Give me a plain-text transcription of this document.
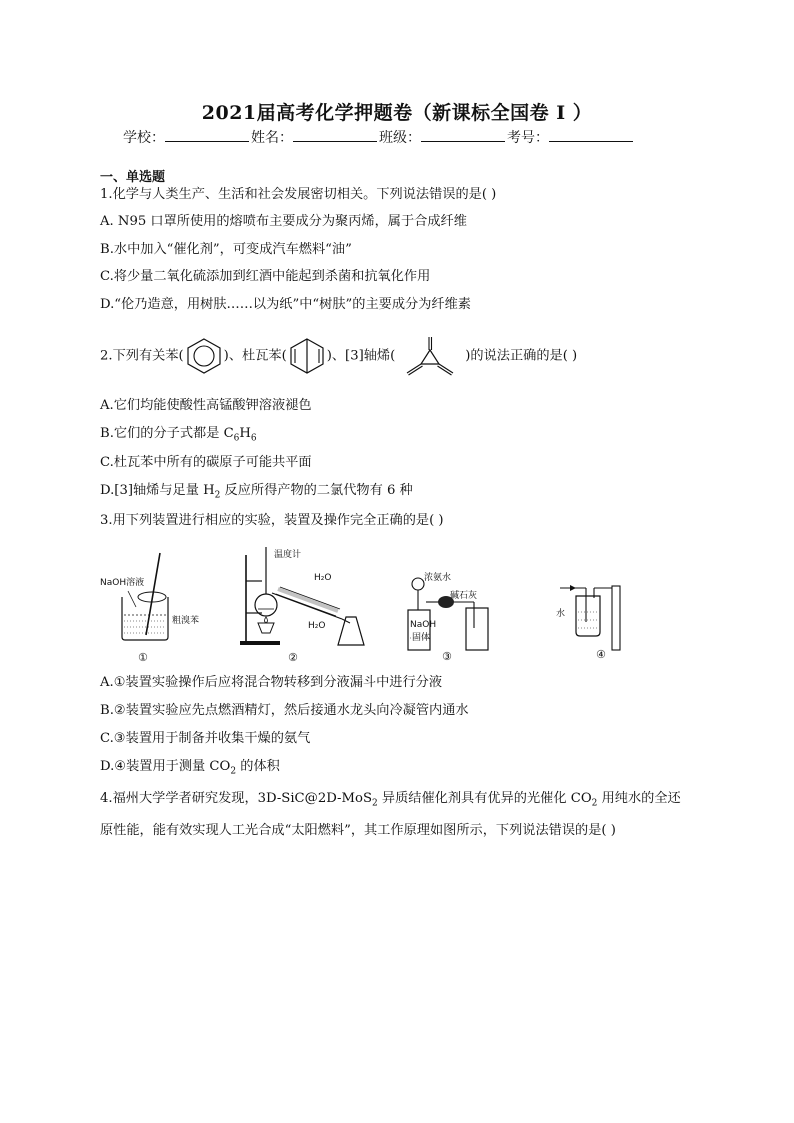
2021届高考化学押题卷（新课标全国卷 I ）
学校：	姓名：	班级：	考号：
一、单选题
1.化学与人类生产、生活和社会发展密切相关。下列说法错误的是( )
A. N95 口罩所使用的熔喷布主要成分为聚丙烯，属于合成纤维
B.水中加入“催化剂”，可变成汽车燃料“油”
C.将少量二氧化硫添加到红酒中能起到杀菌和抗氧化作用
D.“伦乃造意，用树肤……以为纸”中“树肤”的主要成分为纤维素
2.下列有关苯(	)、杜瓦苯(	)、[3]轴烯(	)的说法正确的是( )
A.它们均能使酸性高锰酸钾溶液褪色
B.它们的分子式都是 $C_6H_6$
C.杜瓦苯中所有的碳原子可能共平面
D.[3]轴烯与足量 $H_2$ 反应所得产物的二氯代物有 6 种
3.用下列装置进行相应的实验，装置及操作完全正确的是( )
NaOH溶液
粗溴苯
①
温度计
H₂O
H₂O
②
浓氨水
碱石灰
NaOH
固体
③
水
④
A.①装置实验操作后应将混合物转移到分液漏斗中进行分液
B.②装置实验应先点燃酒精灯，然后接通水龙头向冷凝管内通水
C.③装置用于制备并收集干燥的氨气
D.④装置用于测量 $CO_2$ 的体积
4.福州大学学者研究发现，3D-SiC@2D-MoS$_2$ 异质结催化剂具有优异的光催化 $CO_2$ 用纯水的全还
原性能，能有效实现人工光合成“太阳燃料”，其工作原理如图所示，下列说法错误的是( )
